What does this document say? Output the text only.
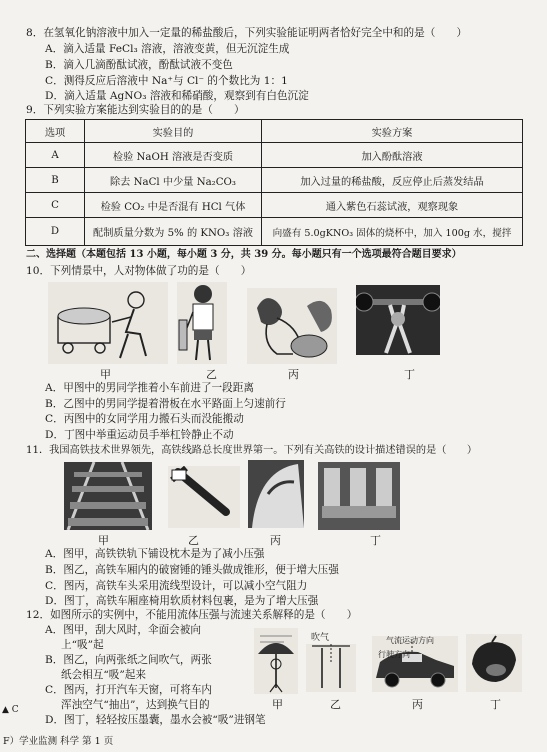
8．在氢氧化钠溶液中加入一定量的稀盐酸后，下列实验能证明两者恰好完全中和的是（　　）
A．滴入适量 FeCl₃ 溶液，溶液变黄，但无沉淀生成
B．滴入几滴酚酞试液，酚酞试液不变色
C．测得反应后溶液中 Na⁺与 Cl⁻ 的个数比为 1：1
D．滴入适量 AgNO₃ 溶液和稀硝酸，观察到有白色沉淀
9．下列实验方案能达到实验目的的是（　　）
选项	实验目的	实验方案
A	检验 NaOH 溶液是否变质	加入酚酞溶液
B	除去 NaCl 中少量 Na₂CO₃	加入过量的稀盐酸，反应停止后蒸发结晶
C	检验 CO₂ 中是否混有 HCl 气体	通入紫色石蕊试液，观察现象
D	配制质量分数为 5% 的 KNO₃ 溶液	向盛有 5.0gKNO₃ 固体的烧杯中，加入 100g 水，搅拌
二、选择题（本题包括 13 小题，每小题 3 分，共 39 分。每小题只有一个选项最符合题目要求）
10．下列情景中，人对物体做了功的是（　　）
甲	乙	丙	丁
A．甲图中的男同学推着小车前进了一段距离
B．乙图中的男同学提着滑板在水平路面上匀速前行
C．丙图中的女同学用力搬石头而没能搬动
D．丁图中举重运动员手举杠铃静止不动
11．我国高铁技术世界领先，高铁线路总长度世界第一。下列有关高铁的设计描述错误的是（　　）
甲	乙	丙	丁
A．图甲，高铁铁轨下铺设枕木是为了减小压强
B．图乙，高铁车厢内的破窗锤的锤头做成锥形，便于增大压强
C．图丙，高铁车头采用流线型设计，可以减小空气阻力
D．图丁，高铁车厢座椅用软质材料包裹，是为了增大压强
12．如图所示的实例中，不能用流体压强与流速关系解释的是（　　）
A．图甲，刮大风时，伞面会被向
上“吸”起
B．图乙，向两张纸之间吹气，两张
纸会相互“吸”起来
C．图丙，打开汽车天窗，可将车内
浑浊空气“抽出”，达到换气目的
D．图丁，轻轻按压墨囊，墨水会被“吸”进钢笔
吹气	气流运动方向
行驶方向
甲	乙	丙	丁
▲ C
F）学业监测 科学 第 1 页
